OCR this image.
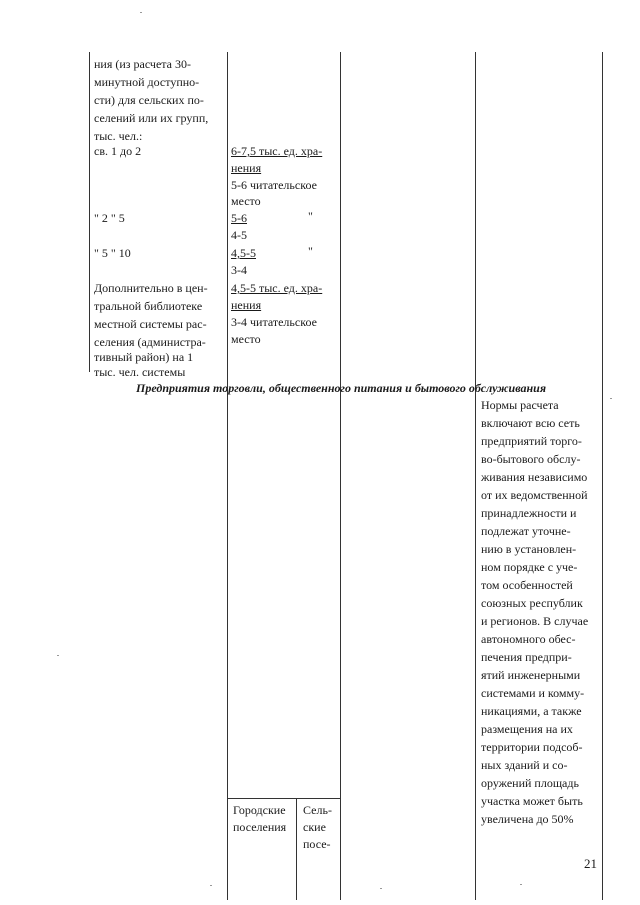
ния (из расчета 30-
минутной доступно-
сти) для сельских по-
селений или их групп,
тыс. чел.:
св. 1 до 2
" 2 " 5
" 5 " 10
Дополнительно в цен-
тральной библиотеке
местной системы рас-
селения (администра-
тивный район) на 1
тыс. чел. системы
6-7,5 тыс. ед. хра-
нения
5-6 читательское
место
5-6	"
4-5
4,5-5	"
3-4
4,5-5 тыс. ед. хра-
нения
3-4 читательское
место
Предприятия торговли, общественного питания и бытового обслуживания
Нормы расчета
включают всю сеть
предприятий торго-
во-бытового обслу-
живания независимо
от их ведомственной
принадлежности и
подлежат уточне-
нию в установлен-
ном порядке с уче-
том особенностей
союзных республик
и регионов. В случае
автономного обес-
печения предпри-
ятий инженерными
системами и комму-
никациями, а также
размещения на их
территории подсоб-
ных зданий и со-
оружений площадь
участка может быть
увеличена до 50%
Городские
поселения
Сель-
ские
посе-
21
